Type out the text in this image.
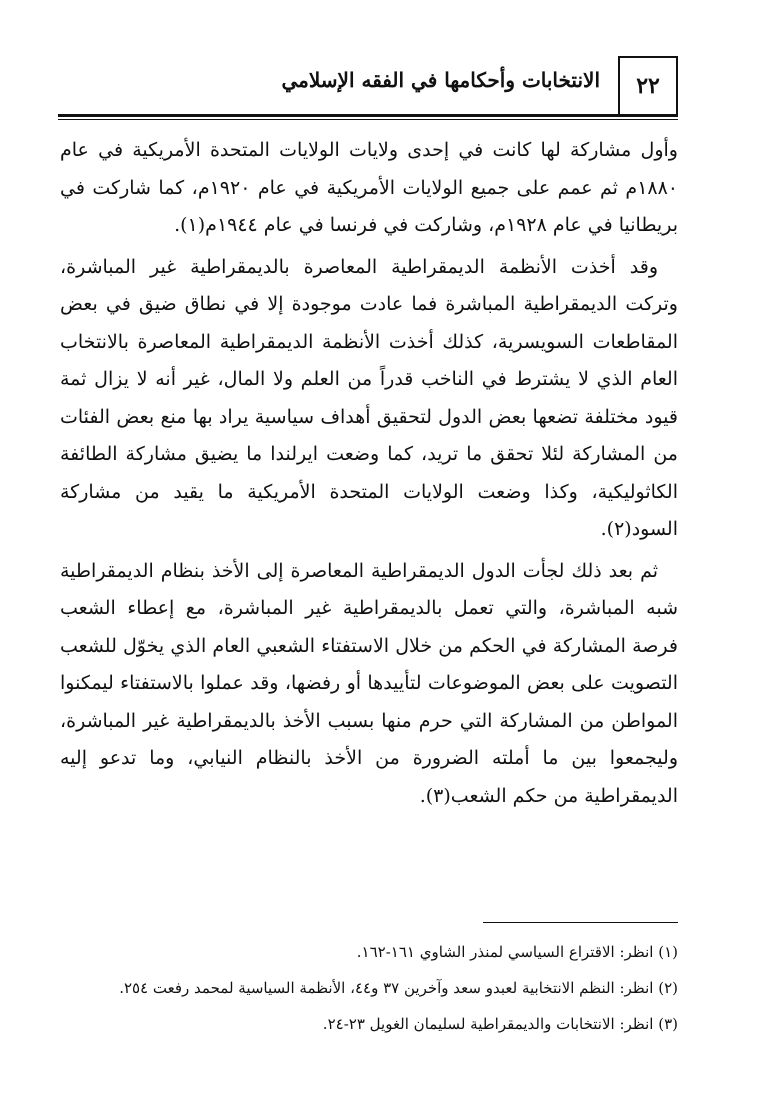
٢٢
الانتخابات وأحكامها في الفقه الإسلامي

وأول مشاركة لها كانت في إحدى ولايات الولايات المتحدة الأمريكية في عام ١٨٨٠م ثم عمم على جميع الولايات الأمريكية في عام ١٩٢٠م، كما شاركت في بريطانيا في عام ١٩٢٨م، وشاركت في فرنسا في عام ١٩٤٤م(١).

وقد أخذت الأنظمة الديمقراطية المعاصرة بالديمقراطية غير المباشرة، وتركت الديمقراطية المباشرة فما عادت موجودة إلا في نطاق ضيق في بعض المقاطعات السويسرية، كذلك أخذت الأنظمة الديمقراطية المعاصرة بالانتخاب العام الذي لا يشترط في الناخب قدراً من العلم ولا المال، غير أنه لا يزال ثمة قيود مختلفة تضعها بعض الدول لتحقيق أهداف سياسية يراد بها منع بعض الفئات من المشاركة لئلا تحقق ما تريد، كما وضعت ايرلندا ما يضيق مشاركة الطائفة الكاثوليكية، وكذا وضعت الولايات المتحدة الأمريكية ما يقيد من مشاركة السود(٢).

ثم بعد ذلك لجأت الدول الديمقراطية المعاصرة إلى الأخذ بنظام الديمقراطية شبه المباشرة، والتي تعمل بالديمقراطية غير المباشرة، مع إعطاء الشعب فرصة المشاركة في الحكم من خلال الاستفتاء الشعبي العام الذي يخوّل للشعب التصويت على بعض الموضوعات لتأييدها أو رفضها، وقد عملوا بالاستفتاء ليمكنوا المواطن من المشاركة التي حرم منها بسبب الأخذ بالديمقراطية غير المباشرة، وليجمعوا بين ما أملته الضرورة من الأخذ بالنظام النيابي، وما تدعو إليه الديمقراطية من حكم الشعب(٣).

(١) انظر: الاقتراع السياسي لمنذر الشاوي ١٦١-١٦٢.
(٢) انظر: النظم الانتخابية لعبدو سعد وآخرين ٣٧ و٤٤، الأنظمة السياسية لمحمد رفعت ٢٥٤.
(٣) انظر: الانتخابات والديمقراطية لسليمان الغويل ٢٣-٢٤.
